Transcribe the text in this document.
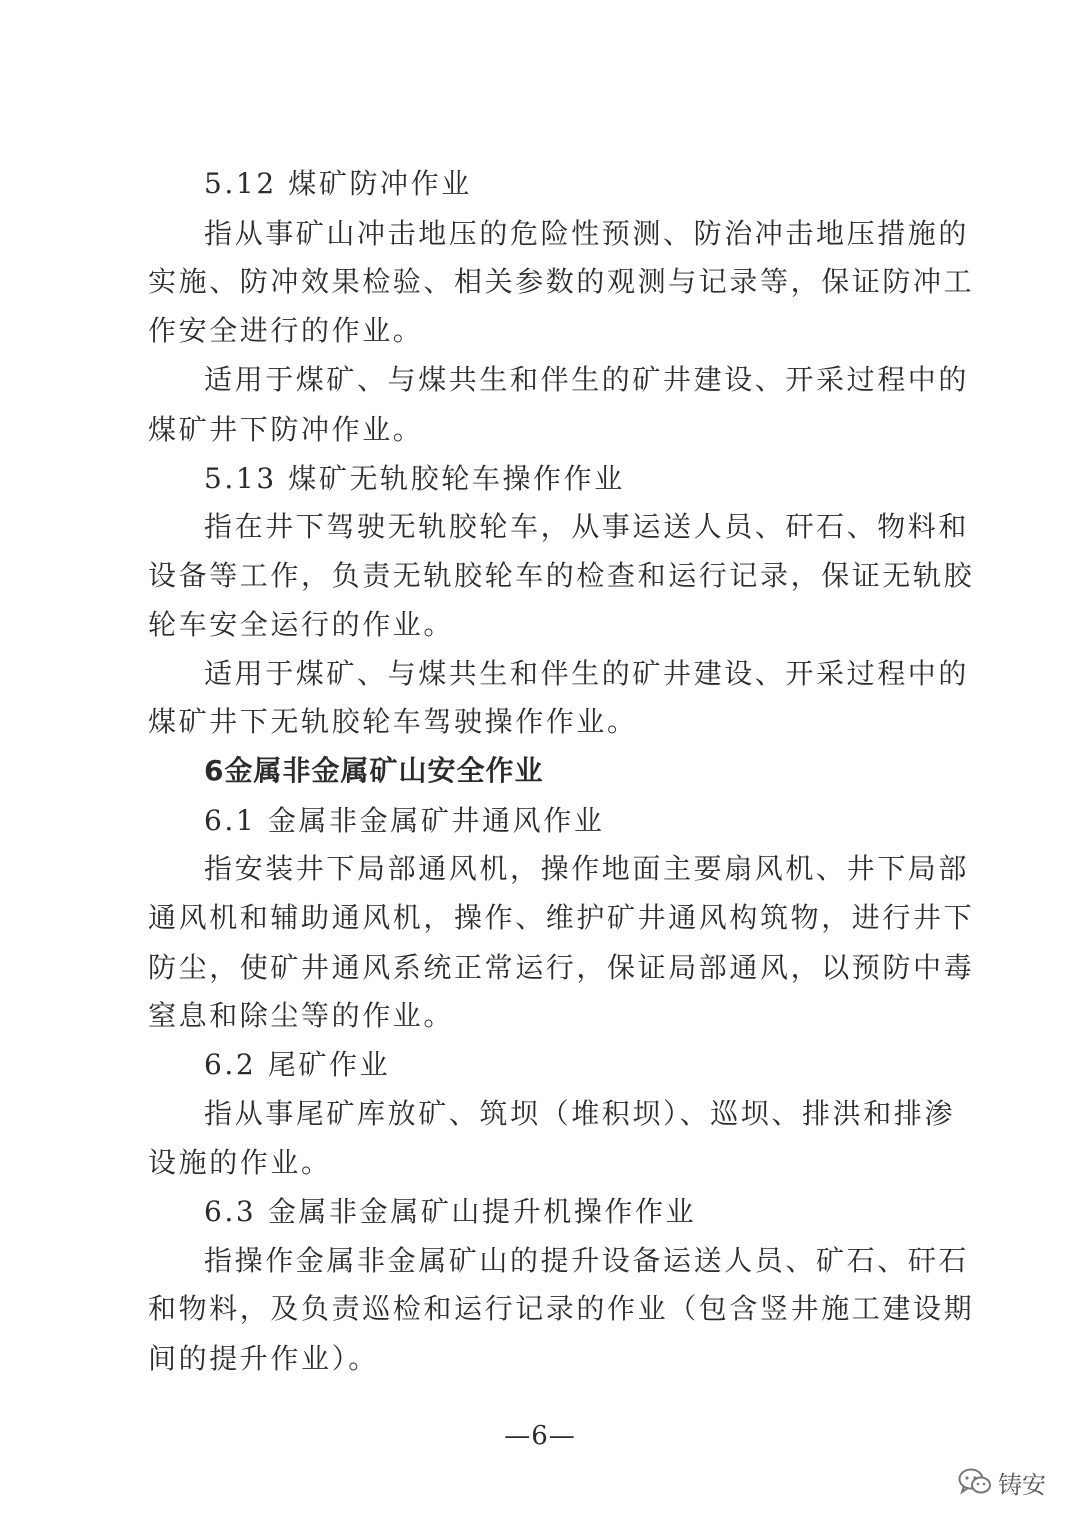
5.12 煤矿防冲作业
指从事矿山冲击地压的危险性预测、防治冲击地压措施的
实施、防冲效果检验、相关参数的观测与记录等，保证防冲工
作安全进行的作业。
适用于煤矿、与煤共生和伴生的矿井建设、开采过程中的
煤矿井下防冲作业。
5.13 煤矿无轨胶轮车操作作业
指在井下驾驶无轨胶轮车，从事运送人员、矸石、物料和
设备等工作，负责无轨胶轮车的检查和运行记录，保证无轨胶
轮车安全运行的作业。
适用于煤矿、与煤共生和伴生的矿井建设、开采过程中的
煤矿井下无轨胶轮车驾驶操作作业。
6金属非金属矿山安全作业
6.1 金属非金属矿井通风作业
指安装井下局部通风机，操作地面主要扇风机、井下局部
通风机和辅助通风机，操作、维护矿井通风构筑物，进行井下
防尘，使矿井通风系统正常运行，保证局部通风，以预防中毒
窒息和除尘等的作业。
6.2 尾矿作业
指从事尾矿库放矿、筑坝（堆积坝）、巡坝、排洪和排渗
设施的作业。
6.3 金属非金属矿山提升机操作作业
指操作金属非金属矿山的提升设备运送人员、矿石、矸石
和物料，及负责巡检和运行记录的作业（包含竖井施工建设期
间的提升作业）。
—6—
铸安
